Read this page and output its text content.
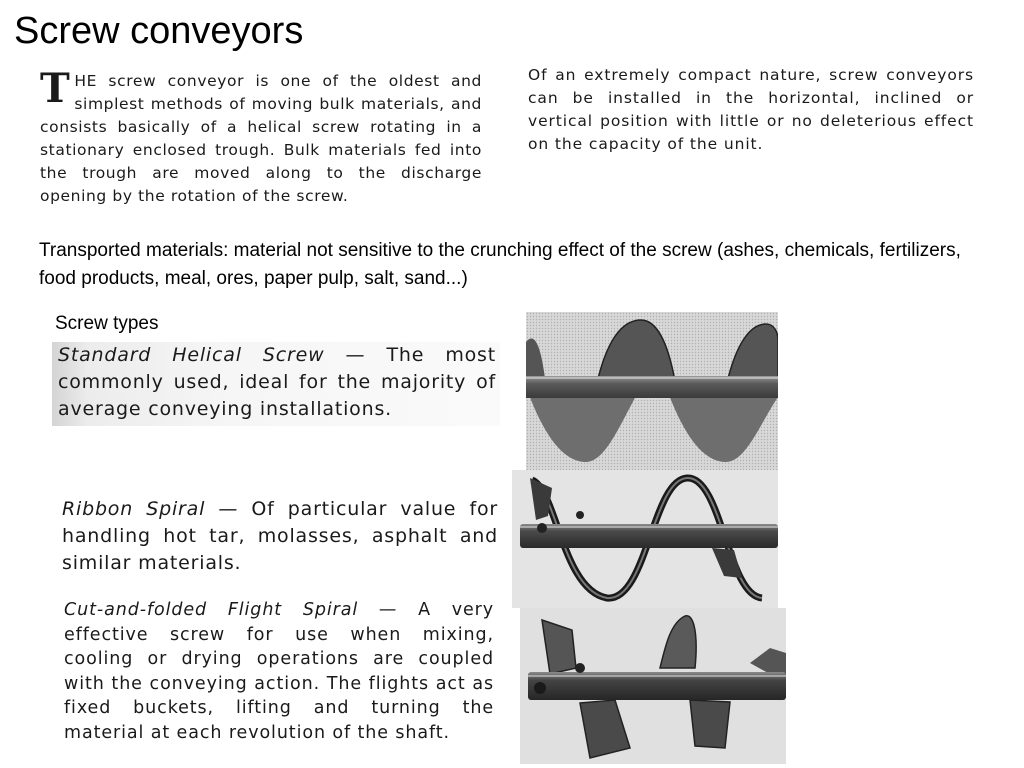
Screw conveyors
THE screw conveyor is one of the oldest and simplest methods of moving bulk materials, and consists basically of a helical screw rotating in a stationary enclosed trough. Bulk materials fed into the trough are moved along to the discharge opening by the rotation of the screw.
Of an extremely compact nature, screw conveyors can be installed in the horizontal, inclined or vertical position with little or no deleterious effect on the capacity of the unit.
Transported materials: material not sensitive to the crunching effect of the screw (ashes, chemicals, fertilizers, food products, meal, ores, paper pulp, salt, sand...)
Screw types
Standard Helical Screw — The most commonly used, ideal for the majority of average conveying installations.
Ribbon Spiral — Of particular value for handling hot tar, molasses, asphalt and similar materials.
Cut-and-folded Flight Spiral — A very effective screw for use when mixing, cooling or drying operations are coupled with the conveying action. The flights act as fixed buckets, lifting and turning the material at each revolution of the shaft.
